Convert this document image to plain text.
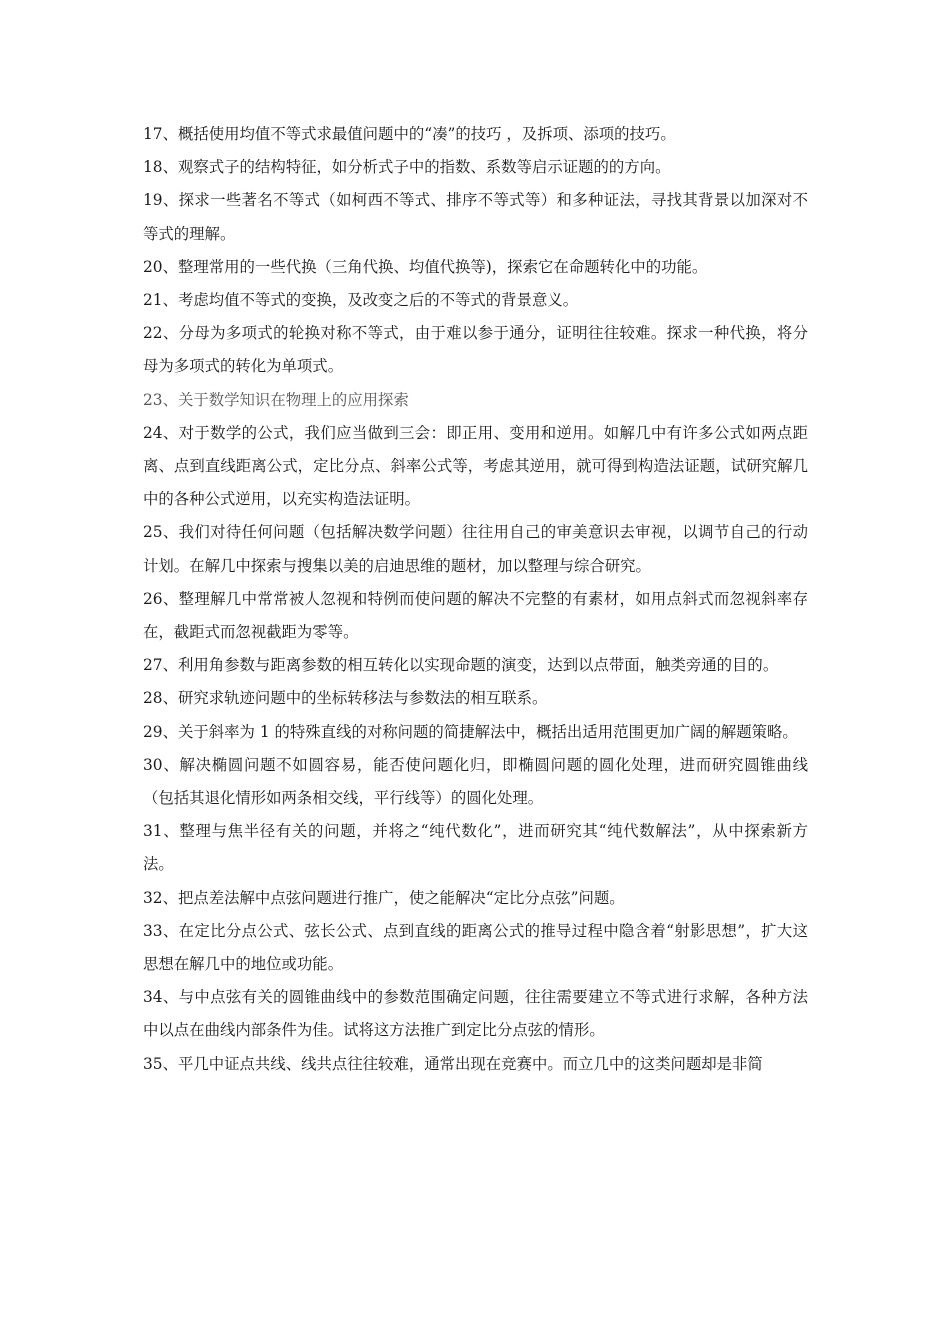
17、概括使用均值不等式求最值问题中的“凑”的技巧 ，及拆项、添项的技巧。

18、观察式子的结构特征，如分析式子中的指数、系数等启示证题的的方向。

19、探求一些著名不等式（如柯西不等式、排序不等式等）和多种证法，寻找其背景以加深对不等式的理解。

20、整理常用的一些代换（三角代换、均值代换等)，探索它在命题转化中的功能。

21、考虑均值不等式的变换，及改变之后的不等式的背景意义。

22、分母为多项式的轮换对称不等式，由于难以参于通分，证明往往较难。探求一种代换，将分母为多项式的转化为单项式。

23、关于数学知识在物理上的应用探索

24、对于数学的公式，我们应当做到三会：即正用、变用和逆用。如解几中有许多公式如两点距离、点到直线距离公式，定比分点、斜率公式等，考虑其逆用，就可得到构造法证题，试研究解几中的各种公式逆用，以充实构造法证明。

25、我们对待任何问题（包括解决数学问题）往往用自己的审美意识去审视，以调节自己的行动计划。在解几中探索与搜集以美的启迪思维的题材，加以整理与综合研究。

26、整理解几中常常被人忽视和特例而使问题的解决不完整的有素材，如用点斜式而忽视斜率存在，截距式而忽视截距为零等。

27、利用角参数与距离参数的相互转化以实现命题的演变，达到以点带面，触类旁通的目的。

28、研究求轨迹问题中的坐标转移法与参数法的相互联系。

29、关于斜率为 1 的特殊直线的对称问题的简捷解法中，概括出适用范围更加广阔的解题策略。

30、解决椭圆问题不如圆容易，能否使问题化归，即椭圆问题的圆化处理，进而研究圆锥曲线（包括其退化情形如两条相交线，平行线等）的圆化处理。

31、整理与焦半径有关的问题，并将之“纯代数化”，进而研究其“纯代数解法”，从中探索新方法。

32、把点差法解中点弦问题进行推广，使之能解决“定比分点弦”问题。

33、在定比分点公式、弦长公式、点到直线的距离公式的推导过程中隐含着“射影思想”，扩大这思想在解几中的地位或功能。

34、与中点弦有关的圆锥曲线中的参数范围确定问题，往往需要建立不等式进行求解，各种方法中以点在曲线内部条件为佳。试将这方法推广到定比分点弦的情形。

35、平几中证点共线、线共点往往较难，通常出现在竞赛中。而立几中的这类问题却是非简
